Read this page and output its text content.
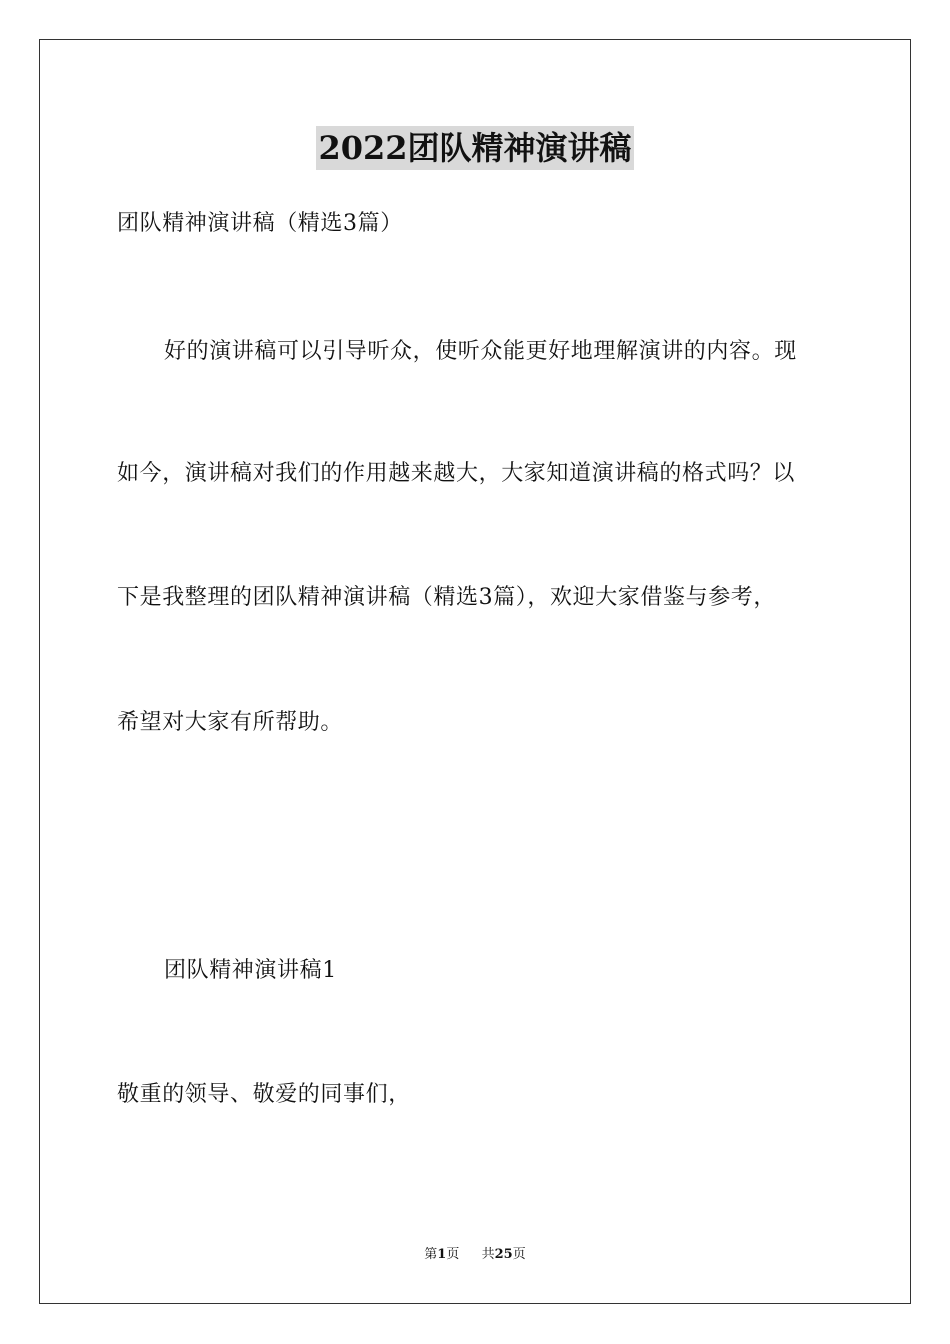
2022团队精神演讲稿
团队精神演讲稿（精选3篇）
好的演讲稿可以引导听众，使听众能更好地理解演讲的内容。现
如今，演讲稿对我们的作用越来越大，大家知道演讲稿的格式吗？以
下是我整理的团队精神演讲稿（精选3篇），欢迎大家借鉴与参考，
希望对大家有所帮助。
团队精神演讲稿1
敬重的领导、敬爱的同事们，
第1页 共25页
